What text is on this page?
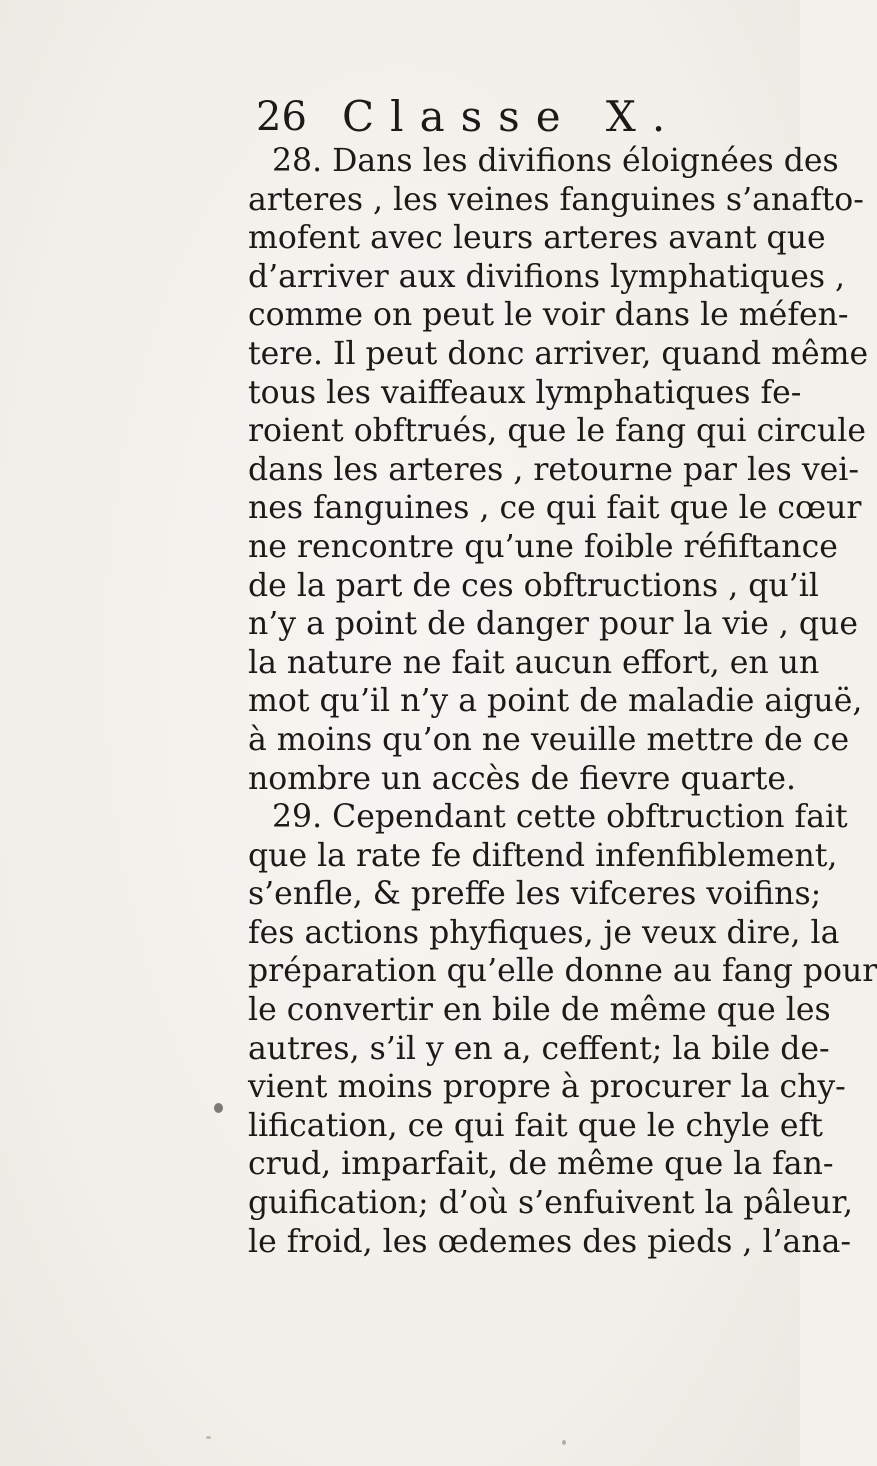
26 Classe X.
28. Dans les divifions éloignées des
arteres , les veines fanguines s’anafto-
mofent avec leurs arteres avant que
d’arriver aux divifions lymphatiques ,
comme on peut le voir dans le méfen-
tere. Il peut donc arriver, quand même
tous les vaiffeaux lymphatiques fe-
roient obftrués, que le fang qui circule
dans les arteres , retourne par les vei-
nes fanguines , ce qui fait que le cœur
ne rencontre qu’une foible réfiftance
de la part de ces obftructions , qu’il
n’y a point de danger pour la vie , que
la nature ne fait aucun effort, en un
mot qu’il n’y a point de maladie aiguë,
à moins qu’on ne veuille mettre de ce
nombre un accès de fievre quarte.
29. Cependant cette obftruction fait
que la rate fe diftend infenfiblement,
s’enfle, & preffe les vifceres voifins;
fes actions phyfiques, je veux dire, la
préparation qu’elle donne au fang pour
le convertir en bile de même que les
autres, s’il y en a, ceffent; la bile de-
vient moins propre à procurer la chy-
lification, ce qui fait que le chyle eft
crud, imparfait, de même que la fan-
guification; d’où s’enfuivent la pâleur,
le froid, les œdemes des pieds , l’ana-
